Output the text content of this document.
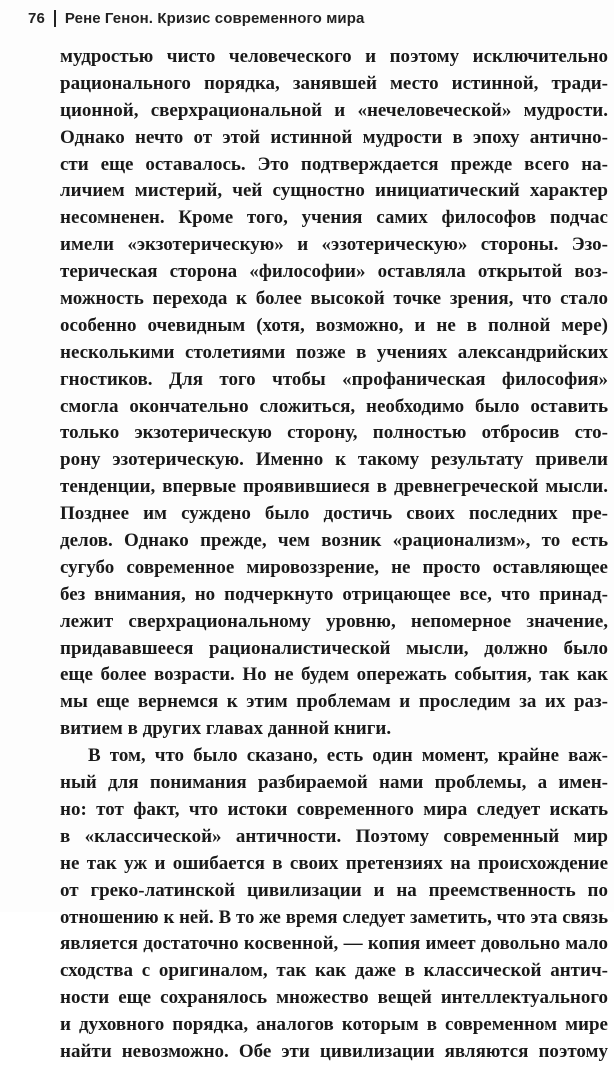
76 Рене Генон. Кризис современного мира
мудростью чисто человеческого и поэтому исключительно
рационального порядка, занявшей место истинной, тради-
ционной, сверхрациональной и «нечеловеческой» мудрости.
Однако нечто от этой истинной мудрости в эпоху антично-
сти еще оставалось. Это подтверждается прежде всего на-
личием мистерий, чей сущностно инициатический характер
несомненен. Кроме того, учения самих философов подчас
имели «экзотерическую» и «эзотерическую» стороны. Эзо-
терическая сторона «философии» оставляла открытой воз-
можность перехода к более высокой точке зрения, что стало
особенно очевидным (хотя, возможно, и не в полной мере)
несколькими столетиями позже в учениях александрийских
гностиков. Для того чтобы «профаническая философия»
смогла окончательно сложиться, необходимо было оставить
только экзотерическую сторону, полностью отбросив сто-
рону эзотерическую. Именно к такому результату привели
тенденции, впервые проявившиеся в древнегреческой мысли.
Позднее им суждено было достичь своих последних пре-
делов. Однако прежде, чем возник «рационализм», то есть
сугубо современное мировоззрение, не просто оставляющее
без внимания, но подчеркнуто отрицающее все, что принад-
лежит сверхрациональному уровню, непомерное значение,
придававшееся рационалистической мысли, должно было
еще более возрасти. Но не будем опережать события, так как
мы еще вернемся к этим проблемам и проследим за их раз-
витием в других главах данной книги.
В том, что было сказано, есть один момент, крайне важ-
ный для понимания разбираемой нами проблемы, а имен-
но: тот факт, что истоки современного мира следует искать
в «классической» античности. Поэтому современный мир
не так уж и ошибается в своих претензиях на происхождение
от греко-латинской цивилизации и на преемственность по
отношению к ней. В то же время следует заметить, что эта связь
является достаточно косвенной, — копия имеет довольно мало
сходства с оригиналом, так как даже в классической антич-
ности еще сохранялось множество вещей интеллектуального
и духовного порядка, аналогов которым в современном мире
найти невозможно. Обе эти цивилизации являются поэтому
